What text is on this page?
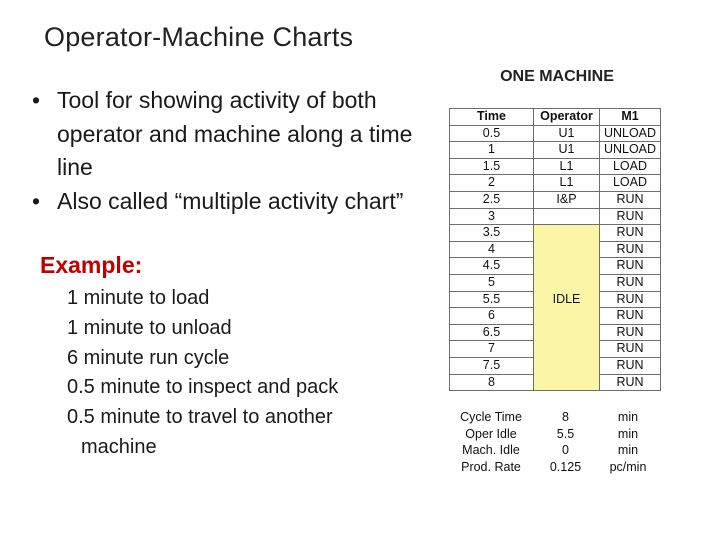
Operator-Machine Charts
• Tool for showing activity of both operator and machine along a time line
• Also called “multiple activity chart”
Example:
1 minute to load
1 minute to unload
6 minute run cycle
0.5 minute to inspect and pack
0.5 minute to travel to another
machine
ONE MACHINE
Time	Operator	M1
0.5	U1	UNLOAD
1	U1	UNLOAD
1.5	L1	LOAD
2	L1	LOAD
2.5	I&P	RUN
3		RUN
3.5		RUN
4		RUN
4.5		RUN
5		RUN
5.5	IDLE	RUN
6		RUN
6.5		RUN
7		RUN
7.5		RUN
8		RUN
Cycle Time	8	min
Oper Idle	5.5	min
Mach. Idle	0	min
Prod. Rate	0.125	pc/min
